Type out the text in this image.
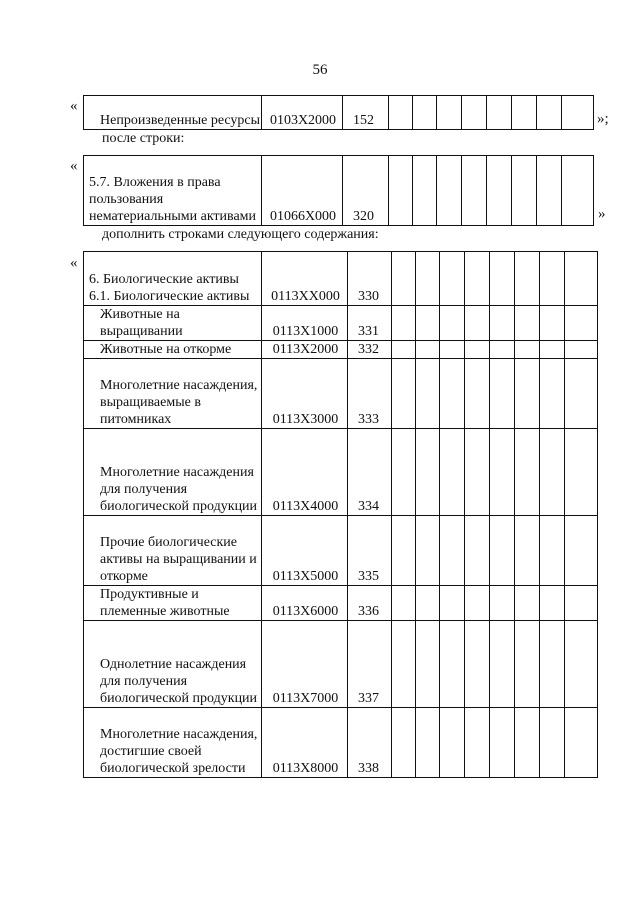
56
«
»;
Непроизведенные ресурсы	0103Х2000	152								
после строки:
«
»
5.7. Вложения в права пользования нематериальными активами	01066Х000	320								
дополнить строками следующего содержания:
«
6. Биологические активы 6.1. Биологические активы	0113ХХ000	330								
Животные на выращивании	0113Х1000	331								
Животные на откорме	0113Х2000	332								
Многолетние насаждения, выращиваемые в питомниках	0113Х3000	333								
Многолетние насаждения для получения биологической продукции	0113Х4000	334								
Прочие биологические активы на выращивании и откорме	0113Х5000	335								
Продуктивные и племенные животные	0113Х6000	336								
Однолетние насаждения для получения биологической продукции	0113Х7000	337								
Многолетние насаждения, достигшие своей биологической зрелости	0113Х8000	338								
